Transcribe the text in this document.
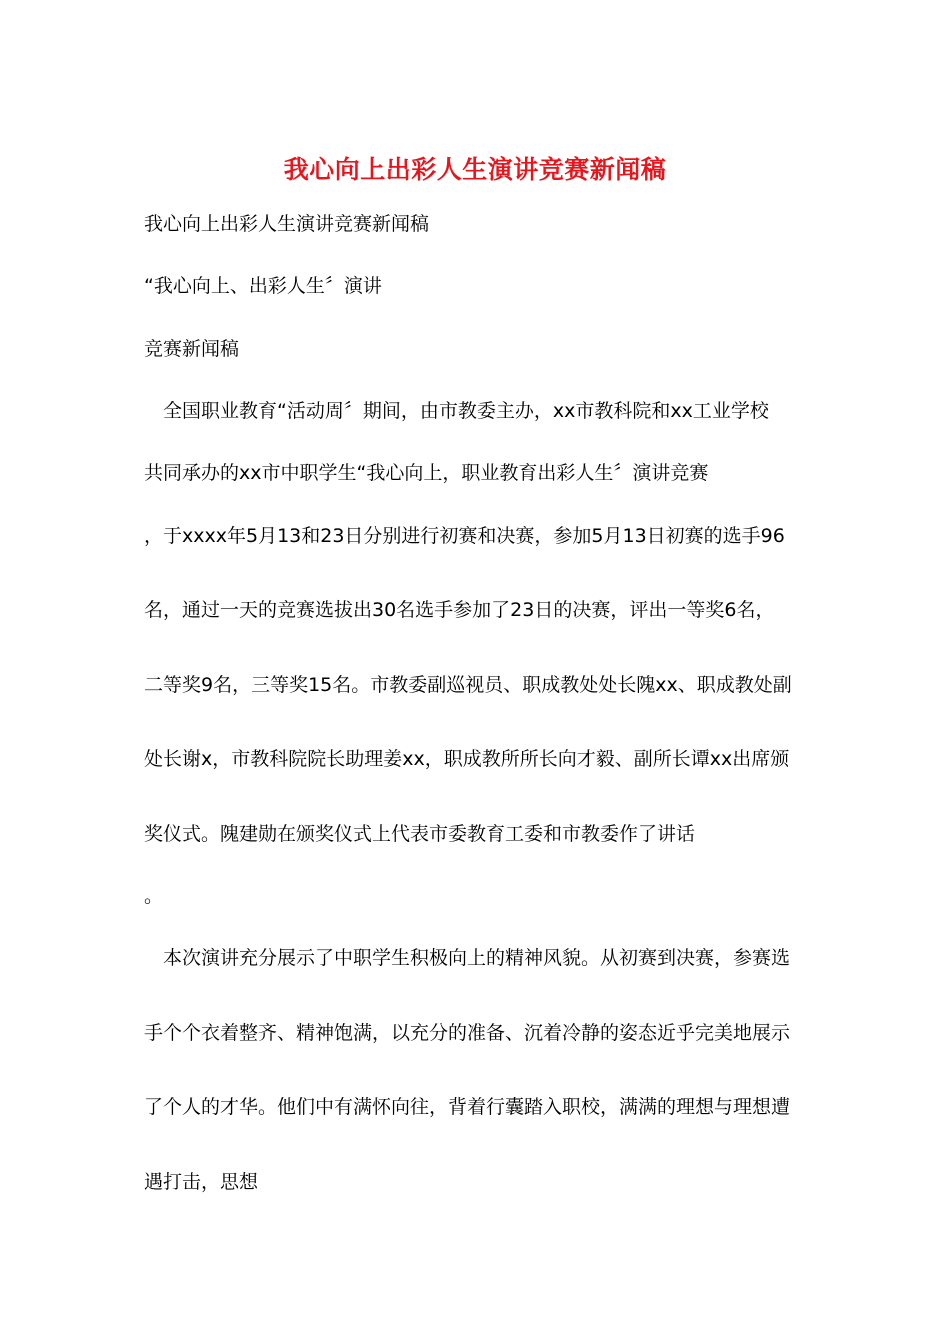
我心向上出彩人生演讲竞赛新闻稿
我心向上出彩人生演讲竞赛新闻稿
“我心向上、出彩人生〞演讲
竞赛新闻稿
　全国职业教育“活动周〞期间，由市教委主办，xx市教科院和xx工业学校
共同承办的xx市中职学生“我心向上，职业教育出彩人生〞演讲竞赛
，于xxxx年5月13和23日分别进行初赛和决赛，参加5月13日初赛的选手96
名，通过一天的竞赛选拔出30名选手参加了23日的决赛，评出一等奖6名，
二等奖9名，三等奖15名。市教委副巡视员、职成教处处长隗xx、职成教处副
处长谢x，市教科院院长助理姜xx，职成教所所长向才毅、副所长谭xx出席颁
奖仪式。隗建勋在颁奖仪式上代表市委教育工委和市教委作了讲话
。
　本次演讲充分展示了中职学生积极向上的精神风貌。从初赛到决赛，参赛选
手个个衣着整齐、精神饱满，以充分的准备、沉着冷静的姿态近乎完美地展示
了个人的才华。他们中有满怀向往，背着行囊踏入职校，满满的理想与理想遭
遇打击，思想
